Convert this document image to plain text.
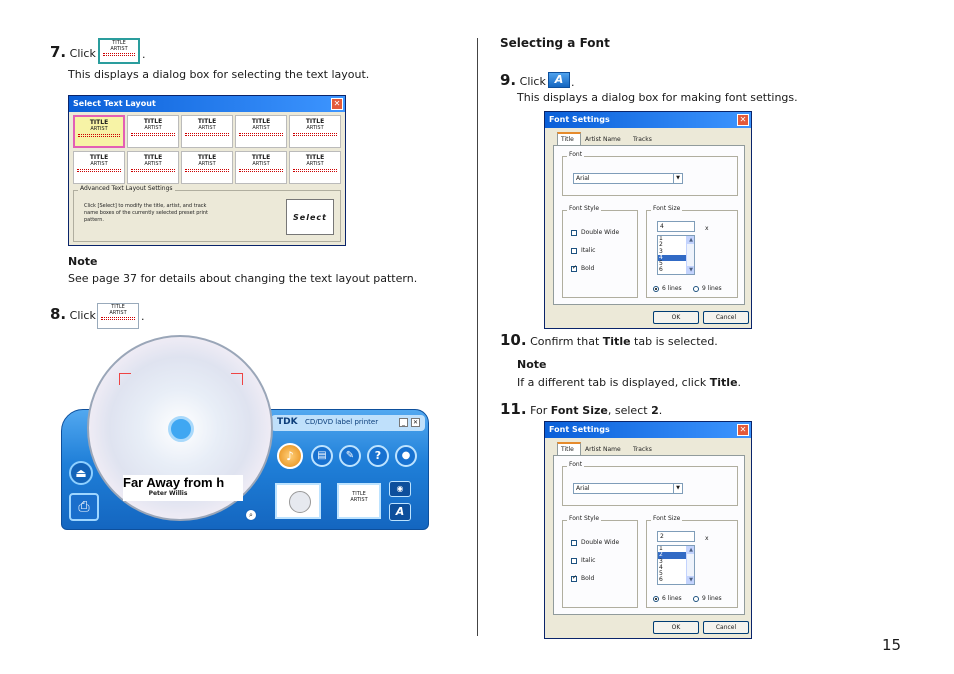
7. Click
TITLE
ARTIST	.
This displays a dialog box for selecting the text layout.
Select Text Layout	✕
TITLE
ARTIST
TITLE
ARTIST
TITLE
ARTIST
TITLE
ARTIST
TITLE
ARTIST
TITLE
ARTIST
TITLE
ARTIST
TITLE
ARTIST
TITLE
ARTIST
TITLE
ARTIST
Advanced Text Layout Settings
Click [Select] to modify the title, artist, and track name boxes of the currently selected preset print pattern.	Select
Note
See page 37 for details about changing the text layout pattern.
8. Click
TITLE
ARTIST	.
TDK CD/DVD label printer	_	✕
⏏
⎙
Far Away from h
Peter Willis
♪	▤	✎	?	●
TITLE
ARTIST
◉
A
⌕
Selecting a Font
9. Click A .
This displays a dialog box for making font settings.
Font Settings	✕
Title Artist Name Tracks
Font
Arial	▼
Font Style
Double Wide
Italic
✓Bold
Font Size
4	x
1
2
3
4
5
6
▲
▼
6 lines	9 lines
OK	Cancel
10. Confirm that Title tab is selected.
Note
If a different tab is displayed, click Title.
11. For Font Size, select 2.
Font Settings	✕
Title Artist Name Tracks
Font
Arial	▼
Font Style
Double Wide
Italic
✓Bold
Font Size
2	x
1
2
3
4
5
6
▲
▼
6 lines	9 lines
OK	Cancel
15
